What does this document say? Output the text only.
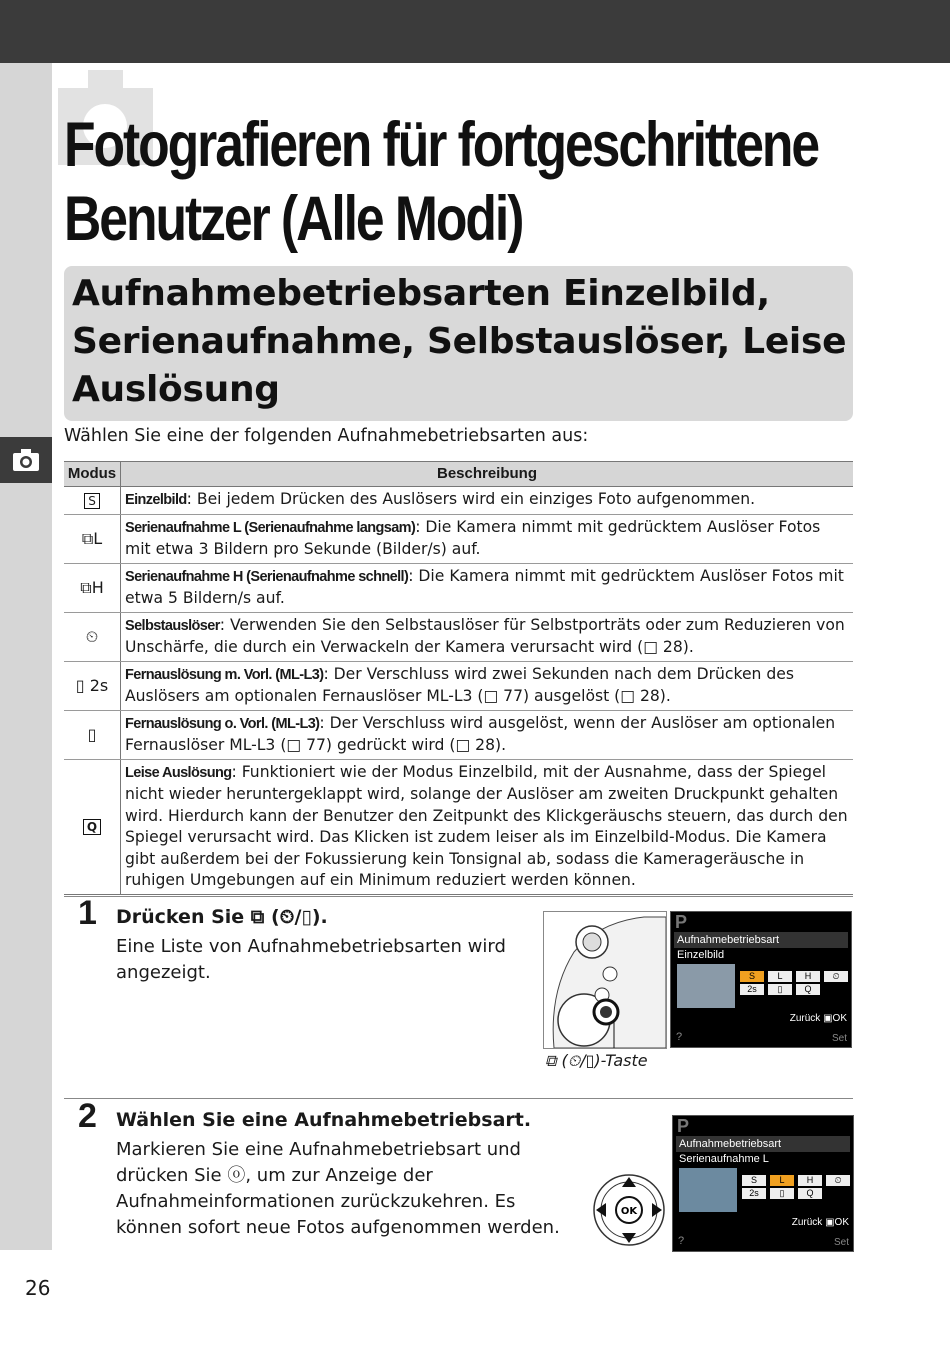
Fotografieren für fortgeschrittene
Benutzer (Alle Modi)
Aufnahmebetriebsarten Einzelbild,
Serienaufnahme, Selbstauslöser, Leise
Auslösung
Wählen Sie eine der folgenden Aufnahmebetriebsarten aus:
Modus	Beschreibung
S	Einzelbild: Bei jedem Drücken des Auslösers wird ein einziges Foto aufgenommen.
⧉L	Serienaufnahme L (Serienaufnahme langsam): Die Kamera nimmt mit gedrücktem Auslöser Fotos mit etwa 3 Bildern pro Sekunde (Bilder/s) auf.
⧉H	Serienaufnahme H (Serienaufnahme schnell): Die Kamera nimmt mit gedrücktem Auslöser Fotos mit etwa 5 Bildern/s auf.
⏲	Selbstauslöser: Verwenden Sie den Selbstauslöser für Selbstporträts oder zum Reduzieren von Unschärfe, die durch ein Verwackeln der Kamera verursacht wird (□ 28).
▯ 2s	Fernauslösung m. Vorl. (ML-L3): Der Verschluss wird zwei Sekunden nach dem Drücken des Auslösers am optionalen Fernauslöser ML-L3 (□ 77) ausgelöst (□ 28).
▯	Fernauslösung o. Vorl. (ML-L3): Der Verschluss wird ausgelöst, wenn der Auslöser am optionalen Fernauslöser ML-L3 (□ 77) gedrückt wird (□ 28).
Q	Leise Auslösung: Funktioniert wie der Modus Einzelbild, mit der Ausnahme, dass der Spiegel nicht wieder heruntergeklappt wird, solange der Auslöser am zweiten Druckpunkt gehalten wird. Hierdurch kann der Benutzer den Zeitpunkt des Klickgeräuschs steuern, das durch den Spiegel verursacht wird. Das Klicken ist zudem leiser als im Einzelbild-Modus. Die Kamera gibt außerdem bei der Fokussierung kein Tonsignal ab, sodass die Kamerageräusche in ruhigen Umgebungen auf ein Minimum reduziert werden können.
1 Drücken Sie ⧉ (⏲/▯).
Eine Liste von Aufnahmebetriebsarten wird
angezeigt.
⧉ (⏲/▯)-Taste
P
Aufnahmebetriebsart
Einzelbild
S L H ⏲
2s ▯ Q
Zurück ▣OK
?	Set
2 Wählen Sie eine Aufnahmebetriebsart.
Markieren Sie eine Aufnahmebetriebsart und
drücken Sie ⓞ, um zur Anzeige der
Aufnahmeinformationen zurückzukehren. Es
können sofort neue Fotos aufgenommen werden.
OK
P
Aufnahmebetriebsart
Serienaufnahme L
S L H ⏲
2s ▯ Q
Zurück ▣OK
?	Set
26
